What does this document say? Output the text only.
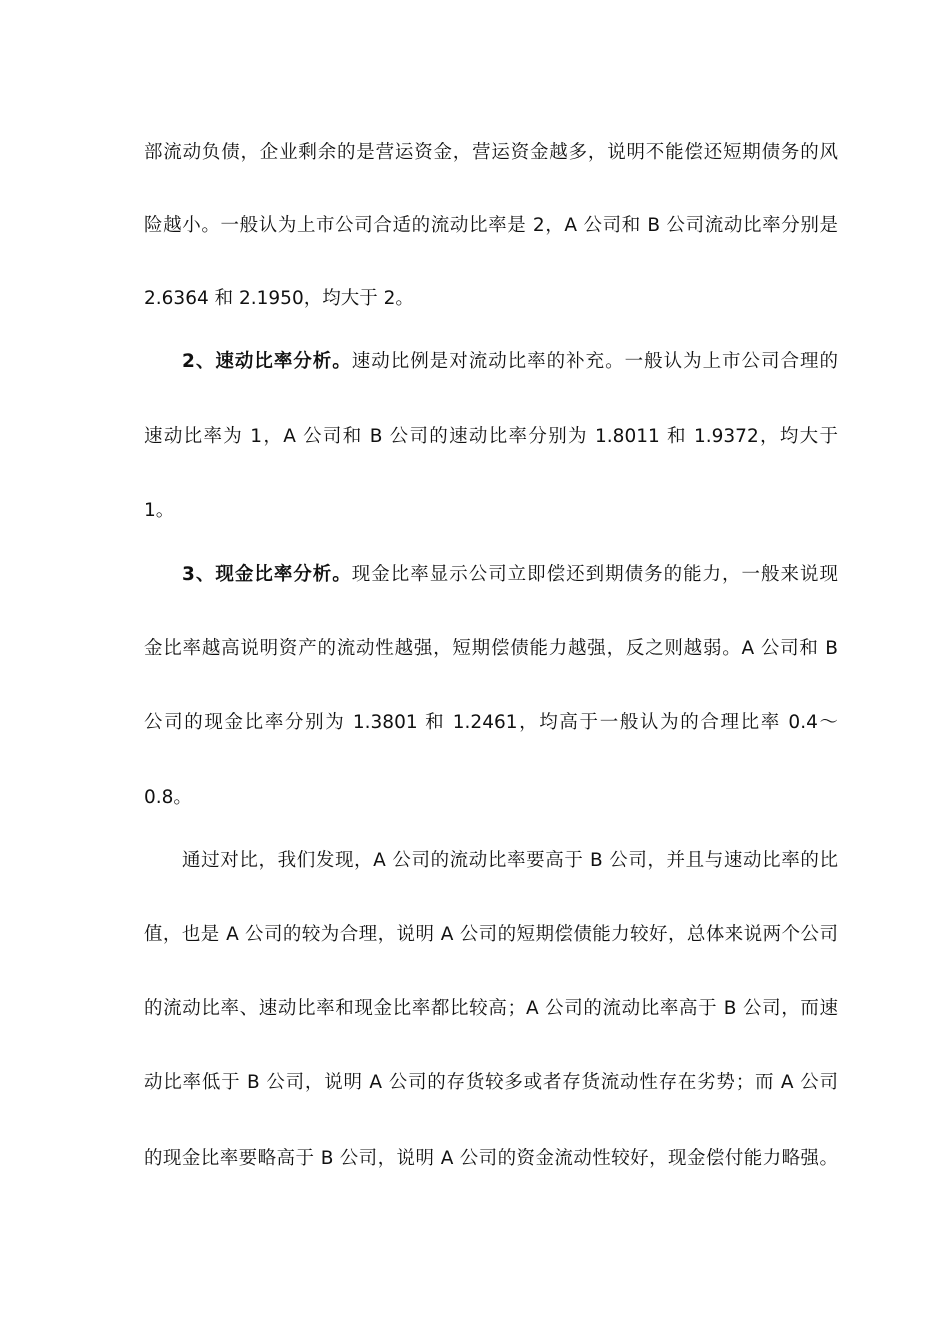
部流动负债，企业剩余的是营运资金，营运资金越多，说明不能偿还短期债务的风
险越小。一般认为上市公司合适的流动比率是 2，A 公司和 B 公司流动比率分别是
2.6364 和 2.1950，均大于 2。
2、速动比率分析。速动比例是对流动比率的补充。一般认为上市公司合理的
速动比率为 1，A 公司和 B 公司的速动比率分别为 1.8011 和 1.9372，均大于
1。
3、现金比率分析。现金比率显示公司立即偿还到期债务的能力，一般来说现
金比率越高说明资产的流动性越强，短期偿债能力越强，反之则越弱。A 公司和 B
公司的现金比率分别为 1.3801 和 1.2461，均高于一般认为的合理比率 0.4～
0.8。
通过对比，我们发现，A 公司的流动比率要高于 B 公司，并且与速动比率的比
值，也是 A 公司的较为合理，说明 A 公司的短期偿债能力较好，总体来说两个公司
的流动比率、速动比率和现金比率都比较高；A 公司的流动比率高于 B 公司，而速
动比率低于 B 公司，说明 A 公司的存货较多或者存货流动性存在劣势；而 A 公司
的现金比率要略高于 B 公司，说明 A 公司的资金流动性较好，现金偿付能力略强。
